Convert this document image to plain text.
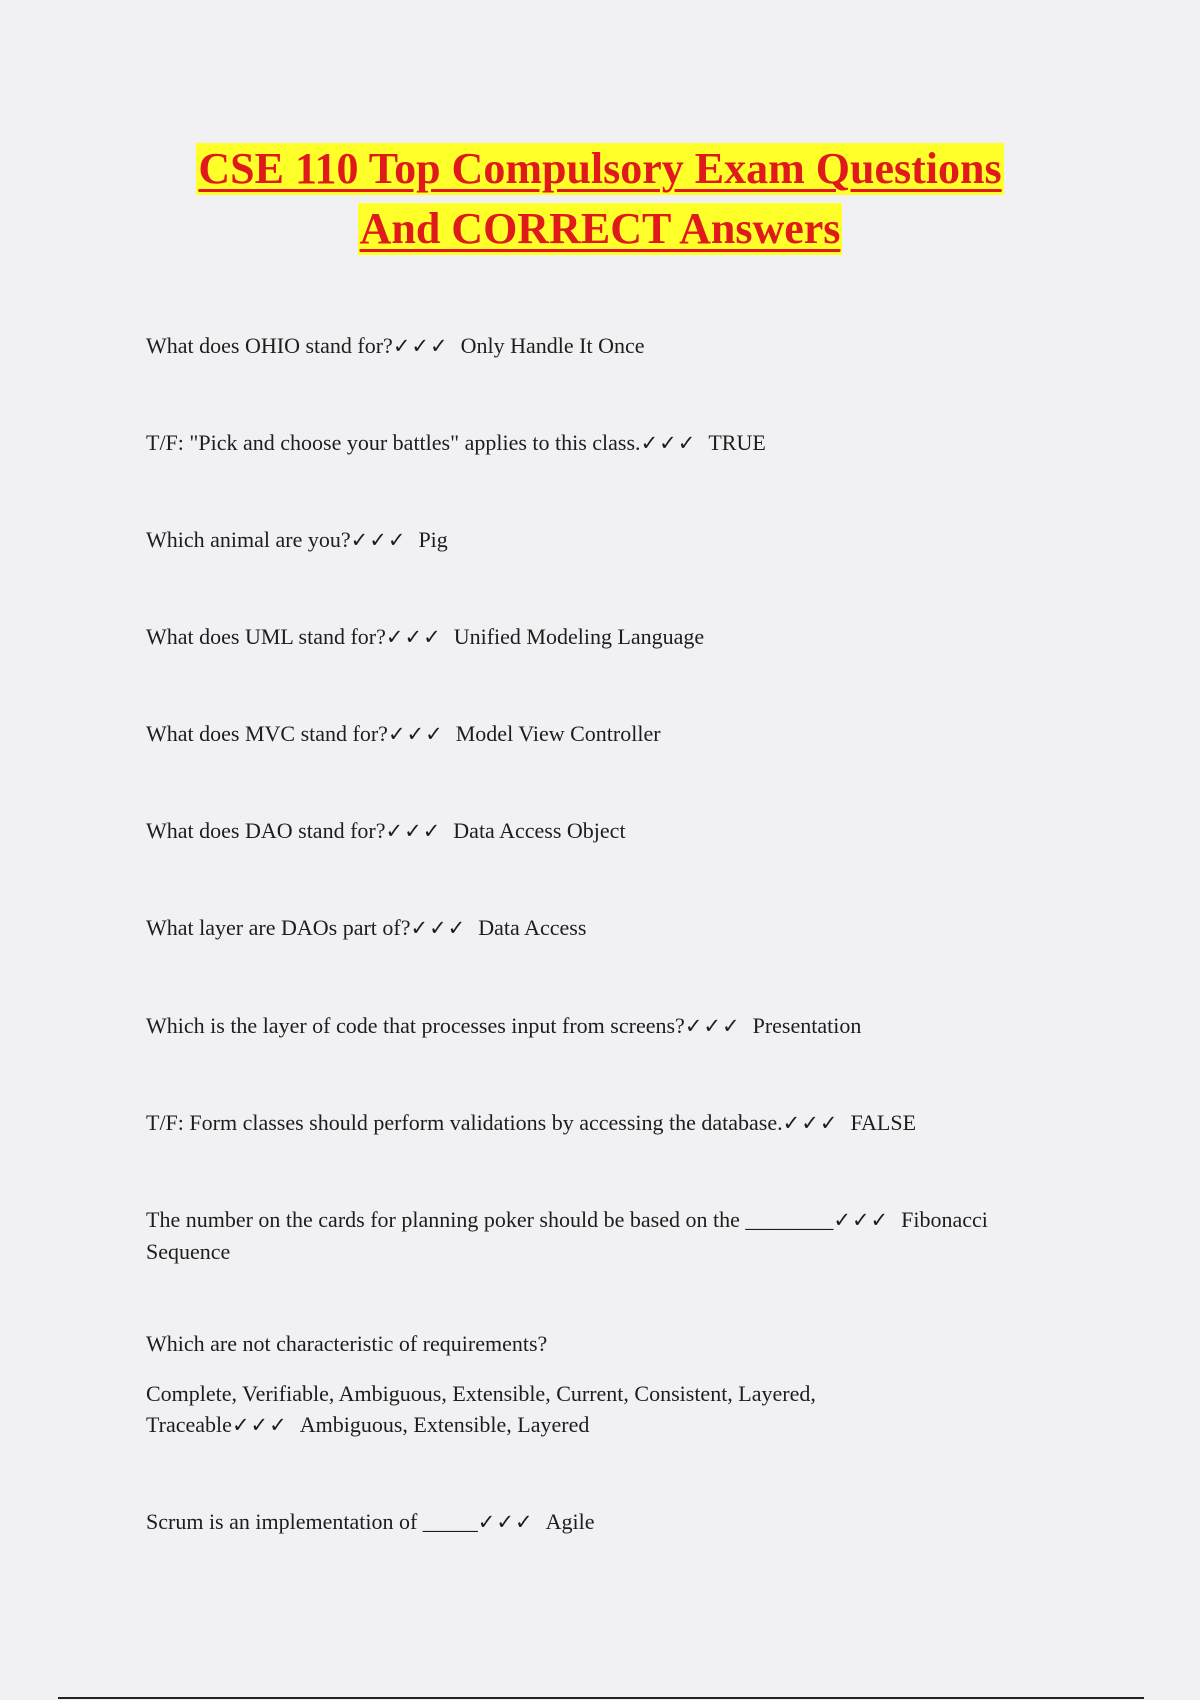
CSE 110 Top Compulsory Exam Questions
And CORRECT Answers

What does OHIO stand for?✓✓✓ Only Handle It Once

T/F: "Pick and choose your battles" applies to this class.✓✓✓ TRUE

Which animal are you?✓✓✓ Pig

What does UML stand for?✓✓✓ Unified Modeling Language

What does MVC stand for?✓✓✓ Model View Controller

What does DAO stand for?✓✓✓ Data Access Object

What layer are DAOs part of?✓✓✓ Data Access

Which is the layer of code that processes input from screens?✓✓✓ Presentation

T/F: Form classes should perform validations by accessing the database.✓✓✓ FALSE

The number on the cards for planning poker should be based on the ________✓✓✓ Fibonacci Sequence

Which are not characteristic of requirements?

Complete, Verifiable, Ambiguous, Extensible, Current, Consistent, Layered, Traceable✓✓✓ Ambiguous, Extensible, Layered

Scrum is an implementation of _____✓✓✓ Agile
